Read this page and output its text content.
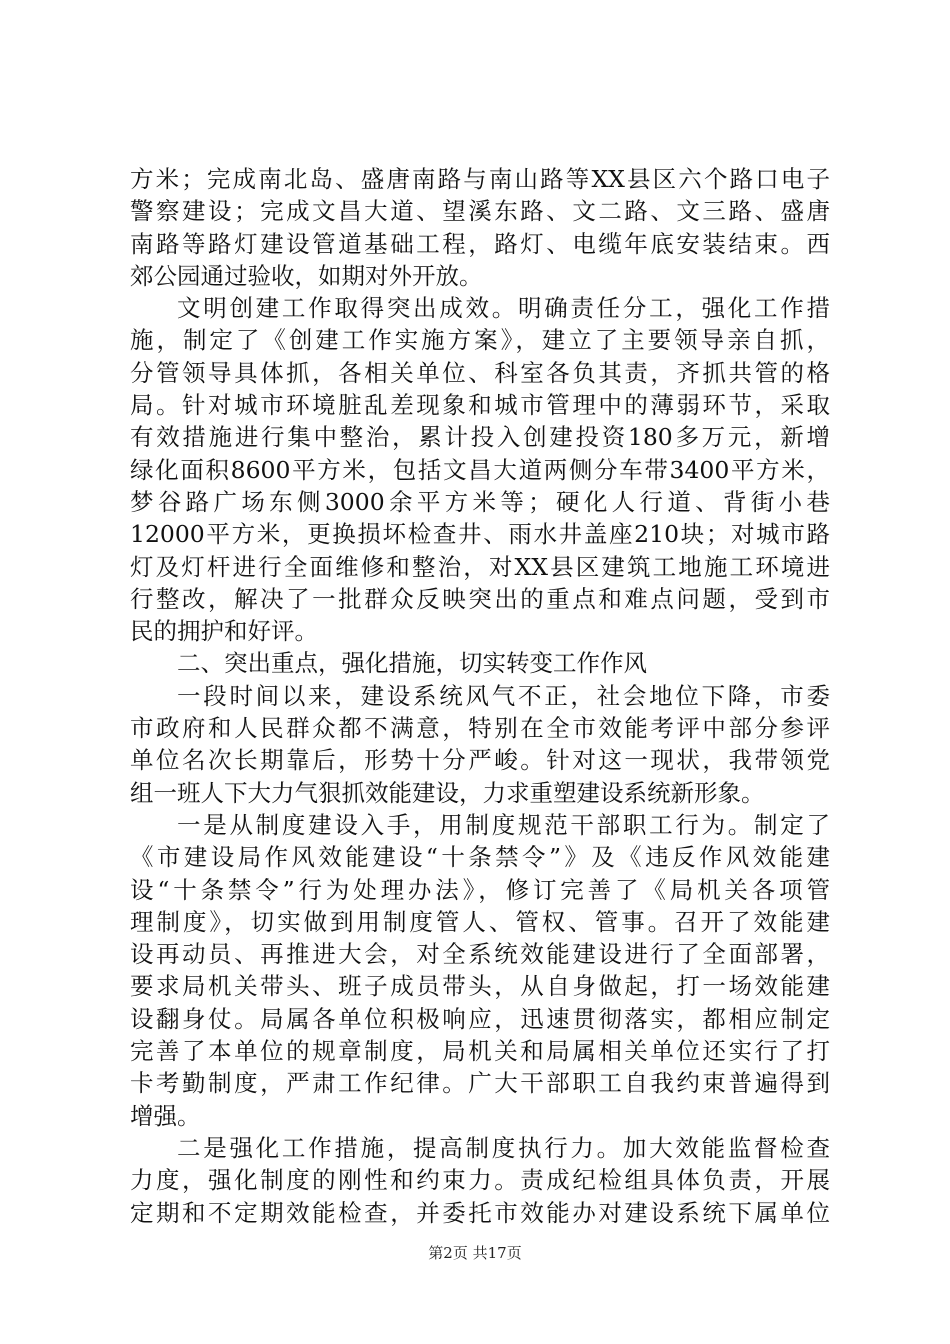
方米；完成南北岛、盛唐南路与南山路等XX县区六个路口电子
警察建设；完成文昌大道、望溪东路、文二路、文三路、盛唐
南路等路灯建设管道基础工程，路灯、电缆年底安装结束。西
郊公园通过验收，如期对外开放。
文明创建工作取得突出成效。明确责任分工，强化工作措
施，制定了《创建工作实施方案》，建立了主要领导亲自抓，
分管领导具体抓，各相关单位、科室各负其责，齐抓共管的格
局。针对城市环境脏乱差现象和城市管理中的薄弱环节，采取
有效措施进行集中整治，累计投入创建投资180多万元，新增
绿化面积8600平方米，包括文昌大道两侧分车带3400平方米，
梦谷路广场东侧3000余平方米等；硬化人行道、背街小巷
12000平方米，更换损坏检查井、雨水井盖座210块；对城市路
灯及灯杆进行全面维修和整治，对XX县区建筑工地施工环境进
行整改，解决了一批群众反映突出的重点和难点问题，受到市
民的拥护和好评。
二、突出重点，强化措施，切实转变工作作风
一段时间以来，建设系统风气不正，社会地位下降，市委
市政府和人民群众都不满意，特别在全市效能考评中部分参评
单位名次长期靠后，形势十分严峻。针对这一现状，我带领党
组一班人下大力气狠抓效能建设，力求重塑建设系统新形象。
一是从制度建设入手，用制度规范干部职工行为。制定了
《市建设局作风效能建设“十条禁令”》及《违反作风效能建
设“十条禁令”行为处理办法》，修订完善了《局机关各项管
理制度》，切实做到用制度管人、管权、管事。召开了效能建
设再动员、再推进大会，对全系统效能建设进行了全面部署，
要求局机关带头、班子成员带头，从自身做起，打一场效能建
设翻身仗。局属各单位积极响应，迅速贯彻落实，都相应制定
完善了本单位的规章制度，局机关和局属相关单位还实行了打
卡考勤制度，严肃工作纪律。广大干部职工自我约束普遍得到
增强。
二是强化工作措施，提高制度执行力。加大效能监督检查
力度，强化制度的刚性和约束力。责成纪检组具体负责，开展
定期和不定期效能检查，并委托市效能办对建设系统下属单位
第2页 共17页
